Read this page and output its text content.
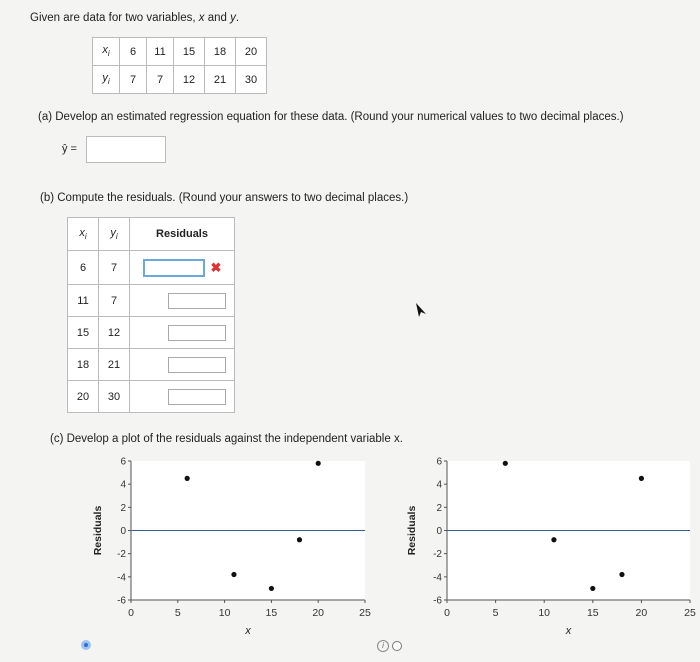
Given are data for two variables, x and y.
$x_i$	6	11	15	18	20
$y_i$	7	7	12	21	30
(a) Develop an estimated regression equation for these data. (Round your numerical values to two decimal places.)
ŷ =
(b) Compute the residuals. (Round your answers to two decimal places.)
$x_i$	$y_i$	Residuals
6	7	✖
11	7	
15	12	
18	21	
20	30	
(c) Develop a plot of the residuals against the independent variable x.
6
4
2
0
-2
-4
-6
0	5	10	15	20	25
Residuals
x
6
4
2
0
-2
-4
-6
0	5	10	15	20	25
Residuals
x
i
